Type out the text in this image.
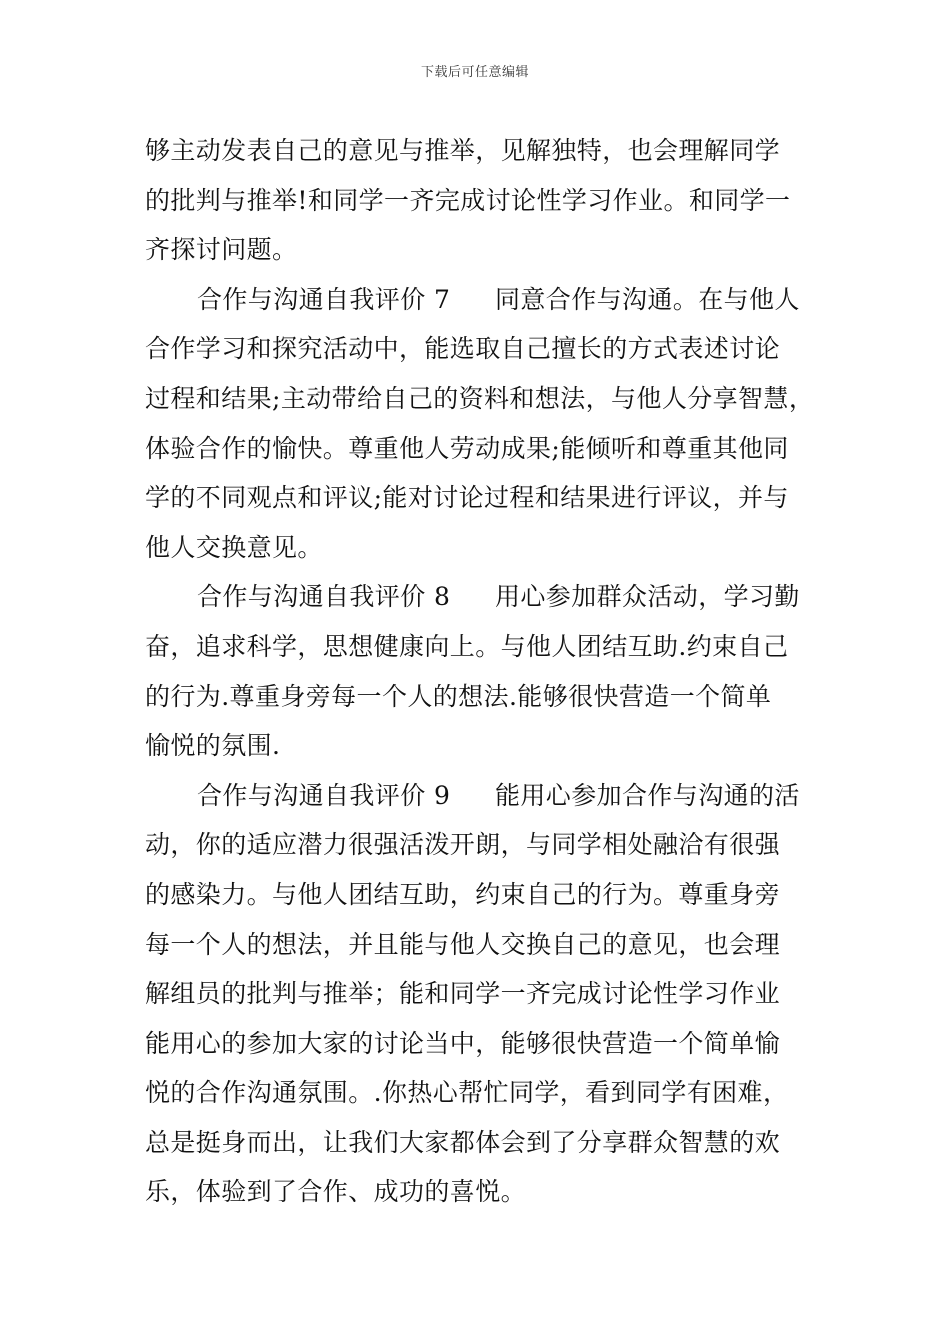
下载后可任意编辑
够主动发表自己的意见与推举，见解独特，也会理解同学
的批判与推举!和同学一齐完成讨论性学习作业。和同学一
齐探讨问题。
合作与沟通自我评价 7 同意合作与沟通。在与他人
合作学习和探究活动中，能选取自己擅长的方式表述讨论
过程和结果;主动带给自己的资料和想法，与他人分享智慧，
体验合作的愉快。尊重他人劳动成果;能倾听和尊重其他同
学的不同观点和评议;能对讨论过程和结果进行评议，并与
他人交换意见。
合作与沟通自我评价 8 用心参加群众活动，学习勤
奋，追求科学，思想健康向上。与他人团结互助.约束自己
的行为.尊重身旁每一个人的想法.能够很快营造一个简单
愉悦的氛围.
合作与沟通自我评价 9 能用心参加合作与沟通的活
动，你的适应潜力很强活泼开朗，与同学相处融洽有很强
的感染力。与他人团结互助，约束自己的行为。尊重身旁
每一个人的想法，并且能与他人交换自己的意见，也会理
解组员的批判与推举；能和同学一齐完成讨论性学习作业
能用心的参加大家的讨论当中，能够很快营造一个简单愉
悦的合作沟通氛围。.你热心帮忙同学，看到同学有困难，
总是挺身而出，让我们大家都体会到了分享群众智慧的欢
乐，体验到了合作、成功的喜悦。
